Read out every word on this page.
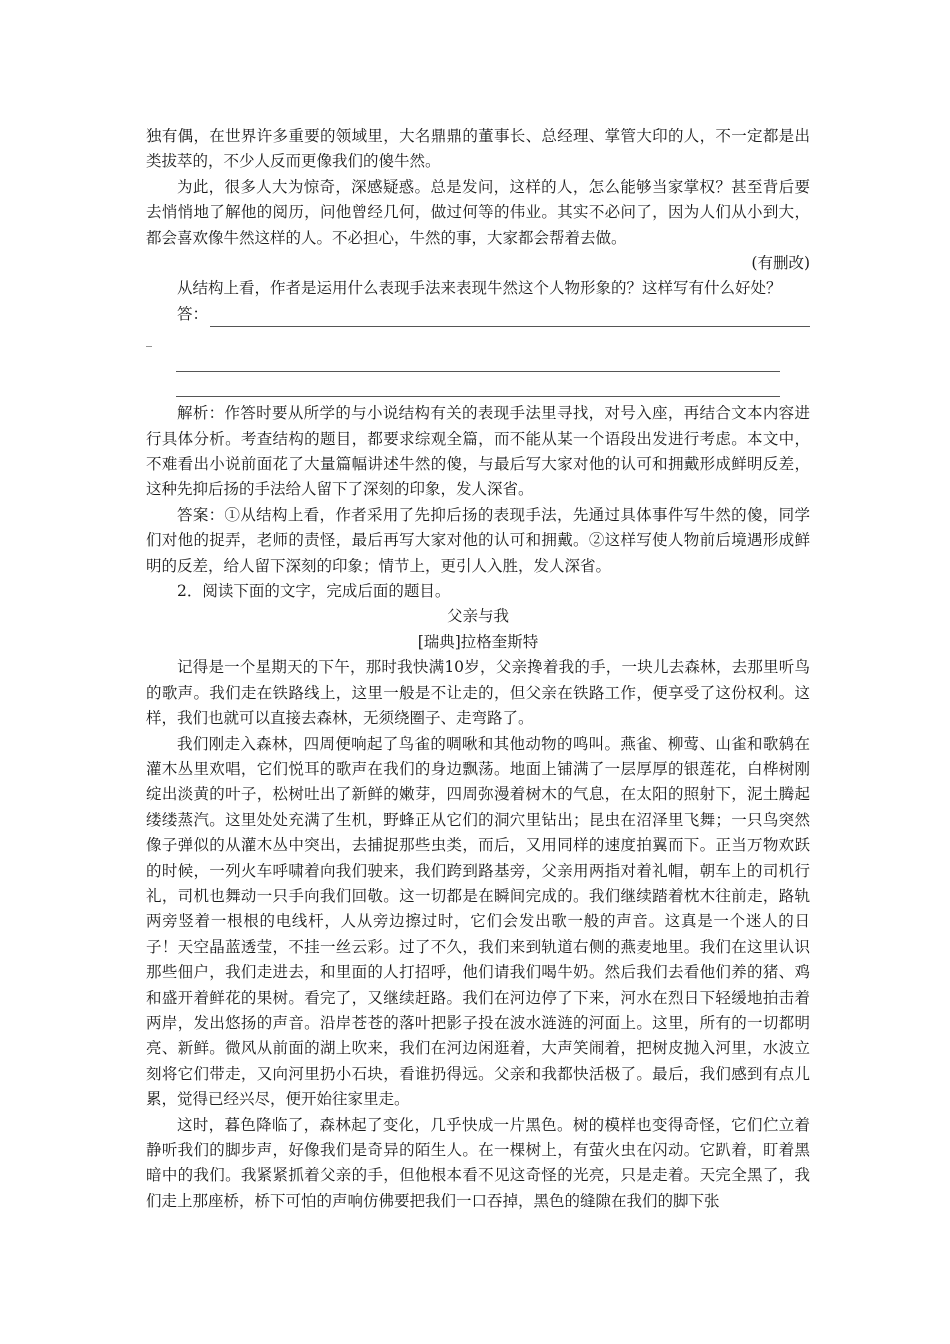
独有偶，在世界许多重要的领域里，大名鼎鼎的董事长、总经理、掌管大印的人，不一定都是出类拔萃的，不少人反而更像我们的傻牛然。

为此，很多人大为惊奇，深感疑惑。总是发问，这样的人，怎么能够当家掌权？甚至背后要去悄悄地了解他的阅历，问他曾经几何，做过何等的伟业。其实不必问了，因为人们从小到大，都会喜欢像牛然这样的人。不必担心，牛然的事，大家都会帮着去做。

(有删改)

从结构上看，作者是运用什么表现手法来表现牛然这个人物形象的？这样写有什么好处？

答：
_

解析：作答时要从所学的与小说结构有关的表现手法里寻找，对号入座，再结合文本内容进行具体分析。考查结构的题目，都要求综观全篇，而不能从某一个语段出发进行考虑。本文中，不难看出小说前面花了大量篇幅讲述牛然的傻，与最后写大家对他的认可和拥戴形成鲜明反差，这种先抑后扬的手法给人留下了深刻的印象，发人深省。

答案：①从结构上看，作者采用了先抑后扬的表现手法，先通过具体事件写牛然的傻，同学们对他的捉弄，老师的责怪，最后再写大家对他的认可和拥戴。②这样写使人物前后境遇形成鲜明的反差，给人留下深刻的印象；情节上，更引人入胜，发人深省。

2．阅读下面的文字，完成后面的题目。

父亲与我

[瑞典]拉格奎斯特

记得是一个星期天的下午，那时我快满10岁，父亲搀着我的手，一块儿去森林，去那里听鸟的歌声。我们走在铁路线上，这里一般是不让走的，但父亲在铁路工作，便享受了这份权利。这样，我们也就可以直接去森林，无须绕圈子、走弯路了。

我们刚走入森林，四周便响起了鸟雀的啁啾和其他动物的鸣叫。燕雀、柳莺、山雀和歌鸫在灌木丛里欢唱，它们悦耳的歌声在我们的身边飘荡。地面上铺满了一层厚厚的银莲花，白桦树刚绽出淡黄的叶子，松树吐出了新鲜的嫩芽，四周弥漫着树木的气息，在太阳的照射下，泥土腾起缕缕蒸汽。这里处处充满了生机，野蜂正从它们的洞穴里钻出；昆虫在沼泽里飞舞；一只鸟突然像子弹似的从灌木丛中突出，去捕捉那些虫类，而后，又用同样的速度拍翼而下。正当万物欢跃的时候，一列火车呼啸着向我们驶来，我们跨到路基旁，父亲用两指对着礼帽，朝车上的司机行礼，司机也舞动一只手向我们回敬。这一切都是在瞬间完成的。我们继续踏着枕木往前走，路轨两旁竖着一根根的电线杆，人从旁边擦过时，它们会发出歌一般的声音。这真是一个迷人的日子！天空晶蓝透莹，不挂一丝云彩。过了不久，我们来到轨道右侧的燕麦地里。我们在这里认识那些佃户，我们走进去，和里面的人打招呼，他们请我们喝牛奶。然后我们去看他们养的猪、鸡和盛开着鲜花的果树。看完了，又继续赶路。我们在河边停了下来，河水在烈日下轻缓地拍击着两岸，发出悠扬的声音。沿岸苍苍的落叶把影子投在波水涟涟的河面上。这里，所有的一切都明亮、新鲜。微风从前面的湖上吹来，我们在河边闲逛着，大声笑闹着，把树皮抛入河里，水波立刻将它们带走，又向河里扔小石块，看谁扔得远。父亲和我都快活极了。最后，我们感到有点儿累，觉得已经兴尽，便开始往家里走。

这时，暮色降临了，森林起了变化，几乎快成一片黑色。树的模样也变得奇怪，它们伫立着静听我们的脚步声，好像我们是奇异的陌生人。在一棵树上，有萤火虫在闪动。它趴着，盯着黑暗中的我们。我紧紧抓着父亲的手，但他根本看不见这奇怪的光亮，只是走着。天完全黑了，我们走上那座桥，桥下可怕的声响仿佛要把我们一口吞掉，黑色的缝隙在我们的脚下张
